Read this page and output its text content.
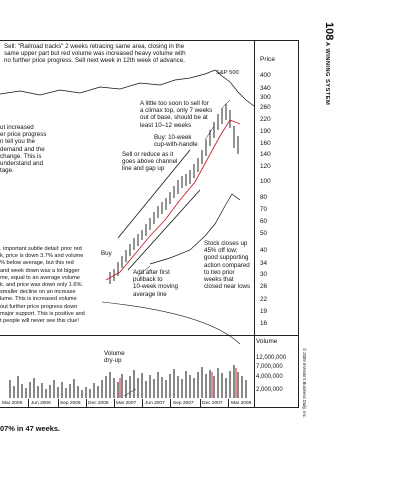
108
A WINNING SYSTEM
Price
400
340
300
260
220
190
160
140
120
100
80
70
60
50
40
34
30
26
22
19
16
Volume
12,000,000
7,000,000
4,000,000
2,000,000
Sell: "Railroad tracks" 2 weeks retracing same area, closing in the
same upper part but red volume was increased heavy volume with
no further price progress. Sell next week in 12th week of advance.
S&P 500
A little too soon to sell for
a climax top, only 7 weeks
out of base, should be at
least 10–12 weeks
Buy: 10-week
cup-with-handle
Sell or reduce as it
goes above channel
line and gap up
ut increased
er price progress
n tell you the
demand and the
change. This is
understand and
tage.
. important subtle detail: prior red
k, price is down 3.7% and volume
% below average, but this red
and week down was a lot bigger
me, equal to an average volume
k, and price was down only 1.6%.
smaller decline on an increase
lume. This is increased volume
out further price progress down
major support. This is positive and
t people will never see this clue!
Buy
Add after first
pullback to
10-week moving
average line
Stock closes up
45% off low;
good supporting
action compared
to two prior
weeks that
closed near lows
Volume
dry-up
Mar 2006 Jun 2006 Sep 2006 Dec 2006 Mar 2007 Jun 2007 Sep 2007 Dec 2007 Mar 2008	© 2009 Investor's Business Daily, Inc.
07% in 47 weeks.
